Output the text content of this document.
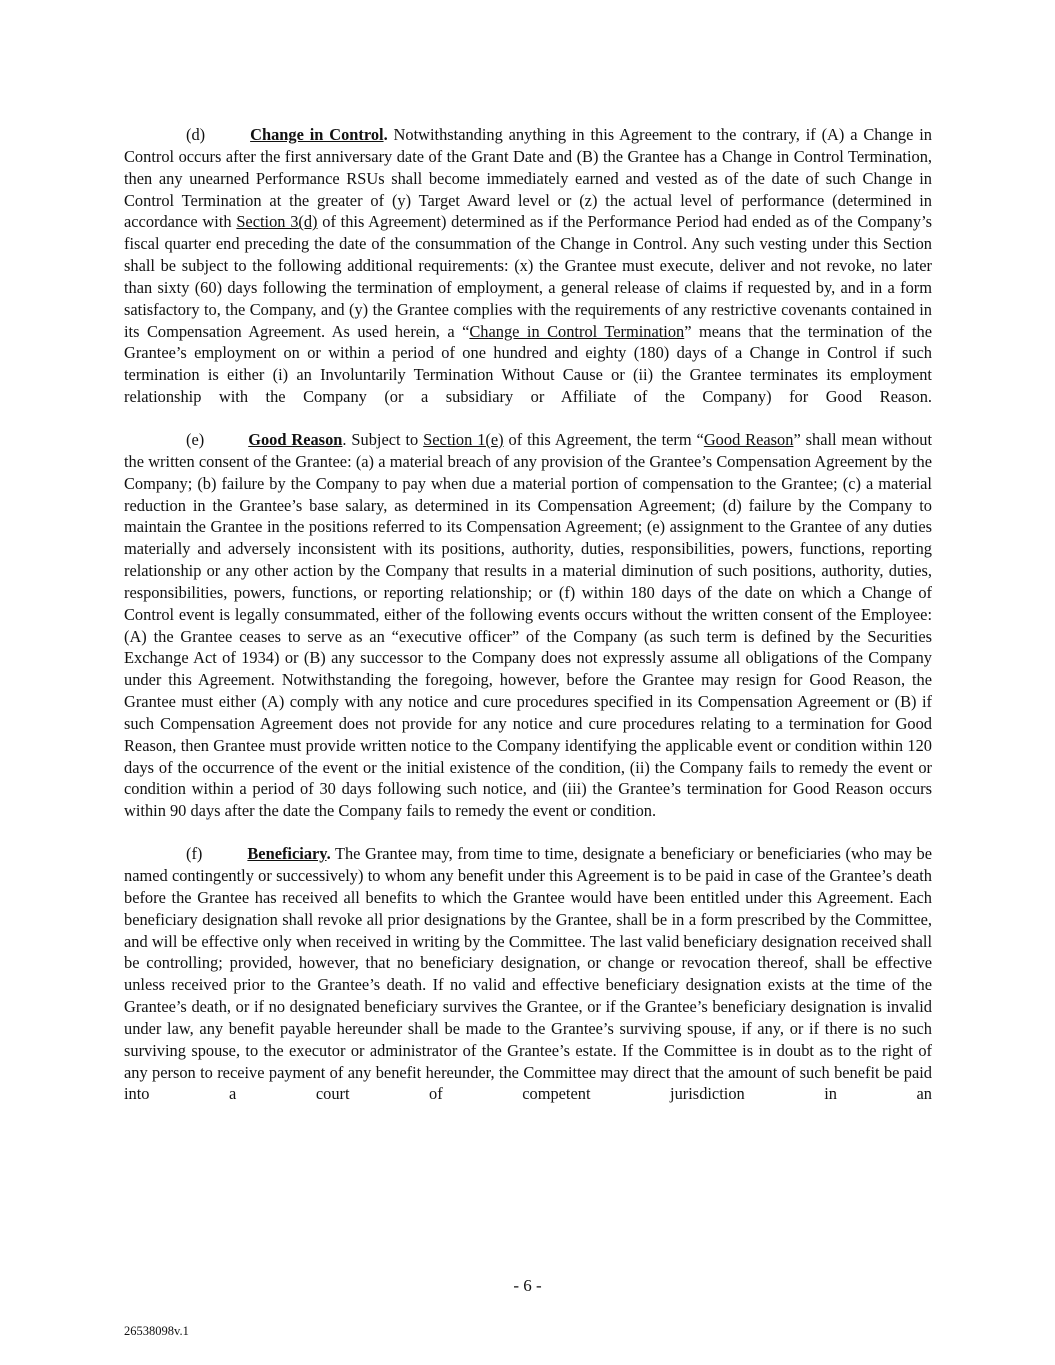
(d)	Change in Control. Notwithstanding anything in this Agreement to the contrary, if (A) a Change in Control occurs after the first anniversary date of the Grant Date and (B) the Grantee has a Change in Control Termination, then any unearned Performance RSUs shall become immediately earned and vested as of the date of such Change in Control Termination at the greater of (y) Target Award level or (z) the actual level of performance (determined in accordance with Section 3(d) of this Agreement) determined as if the Performance Period had ended as of the Company’s fiscal quarter end preceding the date of the consummation of the Change in Control. Any such vesting under this Section shall be subject to the following additional requirements: (x) the Grantee must execute, deliver and not revoke, no later than sixty (60) days following the termination of employment, a general release of claims if requested by, and in a form satisfactory to, the Company, and (y) the Grantee complies with the requirements of any restrictive covenants contained in its Compensation Agreement. As used herein, a “Change in Control Termination” means that the termination of the Grantee’s employment on or within a period of one hundred and eighty (180) days of a Change in Control if such termination is either (i) an Involuntarily Termination Without Cause or (ii) the Grantee terminates its employment relationship with the Company (or a subsidiary or Affiliate of the Company) for Good Reason.

(e)	Good Reason. Subject to Section 1(e) of this Agreement, the term “Good Reason” shall mean without the written consent of the Grantee: (a) a material breach of any provision of the Grantee’s Compensation Agreement by the Company; (b) failure by the Company to pay when due a material portion of compensation to the Grantee; (c) a material reduction in the Grantee’s base salary, as determined in its Compensation Agreement; (d) failure by the Company to maintain the Grantee in the positions referred to its Compensation Agreement; (e) assignment to the Grantee of any duties materially and adversely inconsistent with its positions, authority, duties, responsibilities, powers, functions, reporting relationship or any other action by the Company that results in a material diminution of such positions, authority, duties, responsibilities, powers, functions, or reporting relationship; or (f) within 180 days of the date on which a Change of Control event is legally consummated, either of the following events occurs without the written consent of the Employee: (A) the Grantee ceases to serve as an “executive officer” of the Company (as such term is defined by the Securities Exchange Act of 1934) or (B) any successor to the Company does not expressly assume all obligations of the Company under this Agreement. Notwithstanding the foregoing, however, before the Grantee may resign for Good Reason, the Grantee must either (A) comply with any notice and cure procedures specified in its Compensation Agreement or (B) if such Compensation Agreement does not provide for any notice and cure procedures relating to a termination for Good Reason, then Grantee must provide written notice to the Company identifying the applicable event or condition within 120 days of the occurrence of the event or the initial existence of the condition, (ii) the Company fails to remedy the event or condition within a period of 30 days following such notice, and (iii) the Grantee’s termination for Good Reason occurs within 90 days after the date the Company fails to remedy the event or condition.

(f)	Beneficiary. The Grantee may, from time to time, designate a beneficiary or beneficiaries (who may be named contingently or successively) to whom any benefit under this Agreement is to be paid in case of the Grantee’s death before the Grantee has received all benefits to which the Grantee would have been entitled under this Agreement. Each beneficiary designation shall revoke all prior designations by the Grantee, shall be in a form prescribed by the Committee, and will be effective only when received in writing by the Committee. The last valid beneficiary designation received shall be controlling; provided, however, that no beneficiary designation, or change or revocation thereof, shall be effective unless received prior to the Grantee’s death. If no valid and effective beneficiary designation exists at the time of the Grantee’s death, or if no designated beneficiary survives the Grantee, or if the Grantee’s beneficiary designation is invalid under law, any benefit payable hereunder shall be made to the Grantee’s surviving spouse, if any, or if there is no such surviving spouse, to the executor or administrator of the Grantee’s estate. If the Committee is in doubt as to the right of any person to receive payment of any benefit hereunder, the Committee may direct that the amount of such benefit be paid into a court of competent jurisdiction in an

- 6 -
26538098v.1
